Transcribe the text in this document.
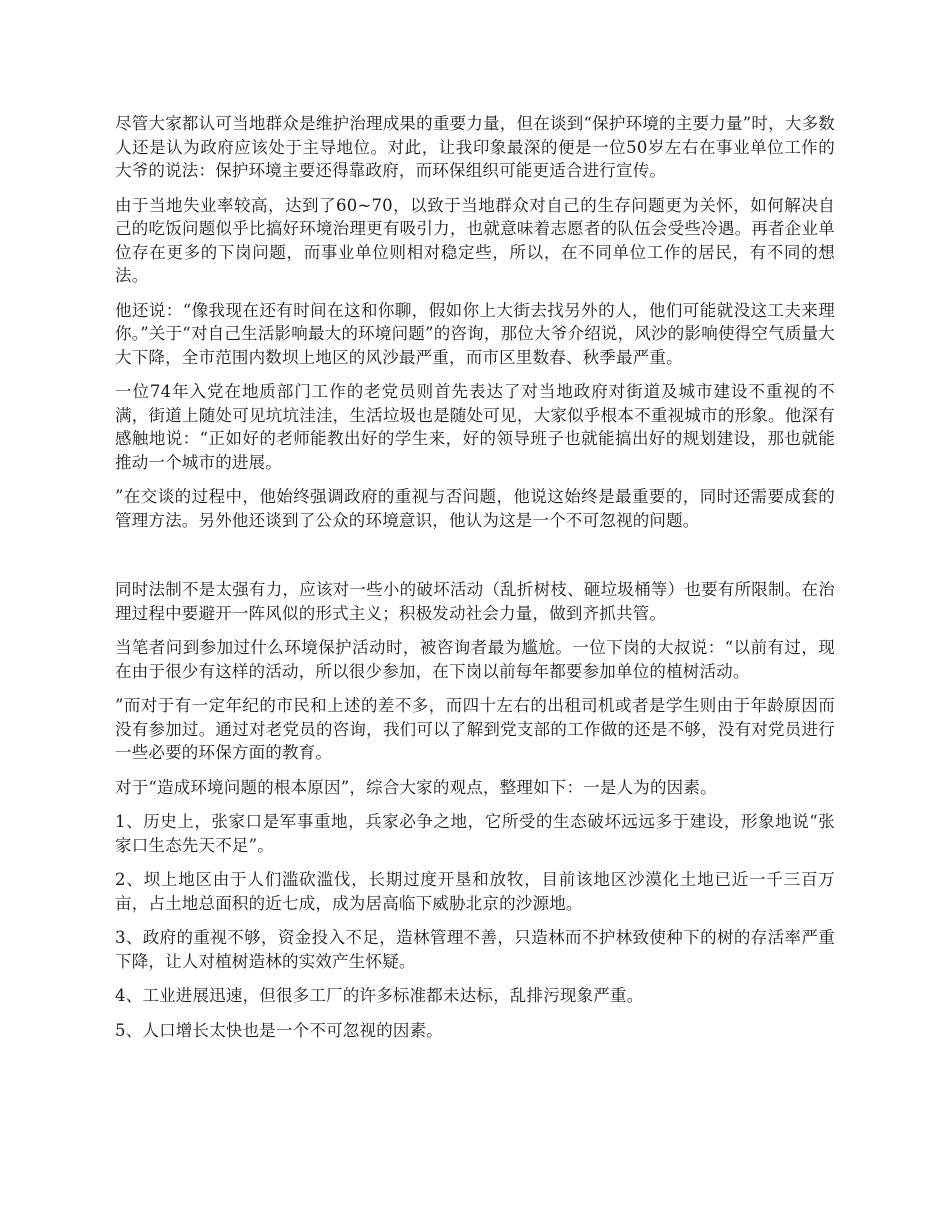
尽管大家都认可当地群众是维护治理成果的重要力量，但在谈到“保护环境的主要力量”时，大多数人还是认为政府应该处于主导地位。对此，让我印象最深的便是一位50岁左右在事业单位工作的大爷的说法：保护环境主要还得靠政府，而环保组织可能更适合进行宣传。

由于当地失业率较高，达到了60~70，以致于当地群众对自己的生存问题更为关怀，如何解决自己的吃饭问题似乎比搞好环境治理更有吸引力，也就意味着志愿者的队伍会受些冷遇。再者企业单位存在更多的下岗问题，而事业单位则相对稳定些，所以，在不同单位工作的居民，有不同的想法。

他还说：“像我现在还有时间在这和你聊，假如你上大街去找另外的人，他们可能就没这工夫来理你。”关于“对自己生活影响最大的环境问题”的咨询，那位大爷介绍说，风沙的影响使得空气质量大大下降，全市范围内数坝上地区的风沙最严重，而市区里数春、秋季最严重。

一位74年入党在地质部门工作的老党员则首先表达了对当地政府对街道及城市建设不重视的不满，街道上随处可见坑坑洼洼，生活垃圾也是随处可见，大家似乎根本不重视城市的形象。他深有感触地说：“正如好的老师能教出好的学生来，好的领导班子也就能搞出好的规划建设，那也就能推动一个城市的进展。

”在交谈的过程中，他始终强调政府的重视与否问题，他说这始终是最重要的，同时还需要成套的管理方法。另外他还谈到了公众的环境意识，他认为这是一个不可忽视的问题。

同时法制不是太强有力，应该对一些小的破坏活动（乱折树枝、砸垃圾桶等）也要有所限制。在治理过程中要避开一阵风似的形式主义；积极发动社会力量，做到齐抓共管。

当笔者问到参加过什么环境保护活动时，被咨询者最为尴尬。一位下岗的大叔说：“以前有过，现在由于很少有这样的活动，所以很少参加，在下岗以前每年都要参加单位的植树活动。

”而对于有一定年纪的市民和上述的差不多，而四十左右的出租司机或者是学生则由于年龄原因而没有参加过。通过对老党员的咨询，我们可以了解到党支部的工作做的还是不够，没有对党员进行一些必要的环保方面的教育。

对于“造成环境问题的根本原因”，综合大家的观点，整理如下：一是人为的因素。

1、历史上，张家口是军事重地，兵家必争之地，它所受的生态破坏远远多于建设，形象地说“张家口生态先天不足”。

2、坝上地区由于人们滥砍滥伐，长期过度开垦和放牧，目前该地区沙漠化土地已近一千三百万亩，占土地总面积的近七成，成为居高临下威胁北京的沙源地。

3、政府的重视不够，资金投入不足，造林管理不善，只造林而不护林致使种下的树的存活率严重下降，让人对植树造林的实效产生怀疑。

4、工业进展迅速，但很多工厂的许多标准都未达标，乱排污现象严重。

5、人口增长太快也是一个不可忽视的因素。
